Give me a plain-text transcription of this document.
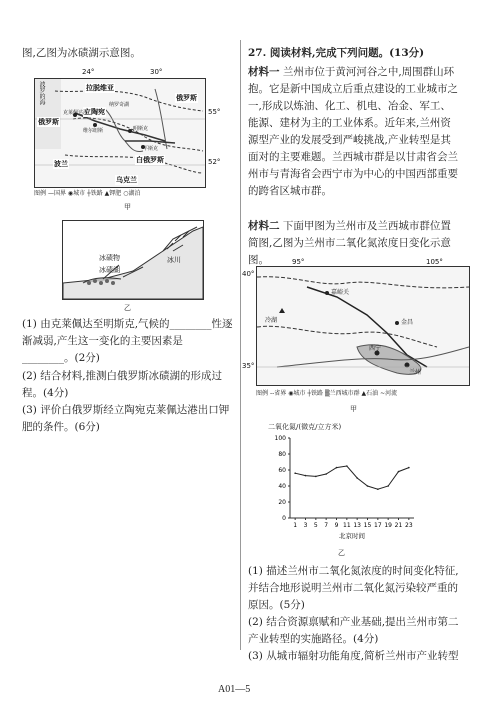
图,乙图为冰碛湖示意图。
24°	30°
拉脱维亚
立陶宛
俄罗斯
俄罗斯
白俄罗斯
波兰
乌克兰
波罗的海
克莱佩达港
明斯克
维尔纽斯
纳罗奇湖
平斯克
55°
52°
图例 —国界 ◉城市 ┼铁路 ▲钾肥 ○湖泊
甲
冰碛物
冰碛湖
冰川
乙
(1) 由克莱佩达至明斯克,气候的________性逐渐减弱,产生这一变化的主要因素是________。(2分)
(2) 结合材料,推测白俄罗斯冰碛湖的形成过程。(4分)
(3) 评价白俄罗斯经立陶宛克莱佩达港出口钾肥的条件。(6分)
27. 阅读材料,完成下列问题。(13分)
材料一 兰州市位于黄河河谷之中,周围群山环抱。它是新中国成立后重点建设的工业城市之一,形成以炼油、化工、机电、冶金、军工、能源、建材为主的工业体系。近年来,兰州资源型产业的发展受到严峻挑战,产业转型是其面对的主要难题。兰西城市群是以甘肃省会兰州市与青海省会西宁市为中心的中国西部重要的跨省区城市群。
材料二 下面甲图为兰州市及兰西城市群位置简图,乙图为兰州市二氧化氮浓度日变化示意图。	95°	105°
40°
35°
嘉峪关
冷湖	金昌
西宁
兰州
图例 --省界 ◉城市 ┼铁路 ▒兰西城市群 ▲石油 ~河流
甲
二氧化氮/(微克/立方米)
0
20
40
60
80
100
1 3 5 7 9 11 13 15 17 19 21 23
北京时间
乙
(1) 描述兰州市二氧化氮浓度的时间变化特征,并结合地形说明兰州市二氧化氮污染较严重的原因。(5分)
(2) 结合资源禀赋和产业基础,提出兰州市第二产业转型的实施路径。(4分)
(3) 从城市辐射功能角度,简析兰州市产业转型
A01—5
